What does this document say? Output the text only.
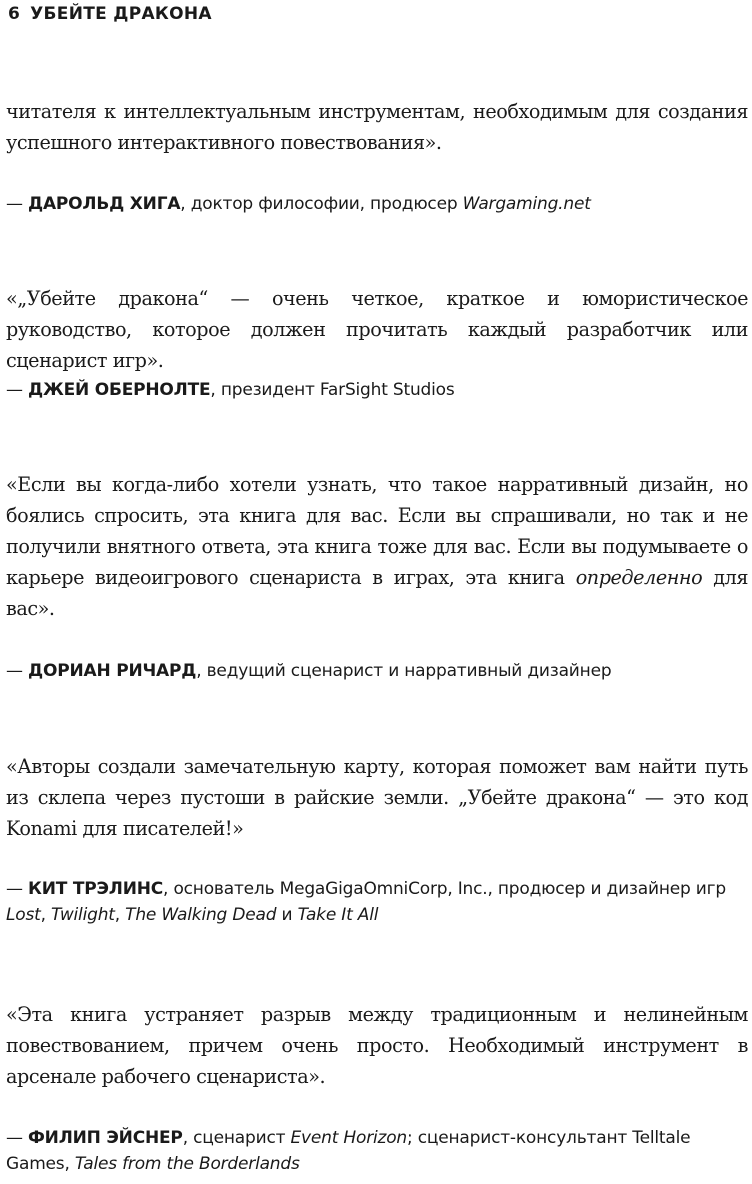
6 УБЕЙТЕ ДРАКОНА

читателя к интеллектуальным инструментам, необходимым для создания успешного интерактивного повествования».

— ДАРОЛЬД ХИГА, доктор философии, продюсер Wargaming.net

«„Убейте дракона“ — очень четкое, краткое и юмористическое руководство, которое должен прочитать каждый разработчик или сценарист игр».

— ДЖЕЙ ОБЕРНОЛТЕ, президент FarSight Studios

«Если вы когда-либо хотели узнать, что такое нарративный дизайн, но боялись спросить, эта книга для вас. Если вы спрашивали, но так и не получили внятного ответа, эта книга тоже для вас. Если вы подумываете о карьере видеоигрового сценариста в играх, эта книга определенно для вас».

— ДОРИАН РИЧАРД, ведущий сценарист и нарративный дизайнер

«Авторы создали замечательную карту, которая поможет вам найти путь из склепа через пустоши в райские земли. „Убейте дракона“ — это код Konami для писателей!»

— КИТ ТРЭЛИНС, основатель MegaGigaOmniCorp, Inc., продюсер и дизайнер игр Lost, Twilight, The Walking Dead и Take It All

«Эта книга устраняет разрыв между традиционным и нелинейным повествованием, причем очень просто. Необходимый инструмент в арсенале рабочего сценариста».

— ФИЛИП ЭЙСНЕР, сценарист Event Horizon; сценарист-консультант Telltale Games, Tales from the Borderlands
